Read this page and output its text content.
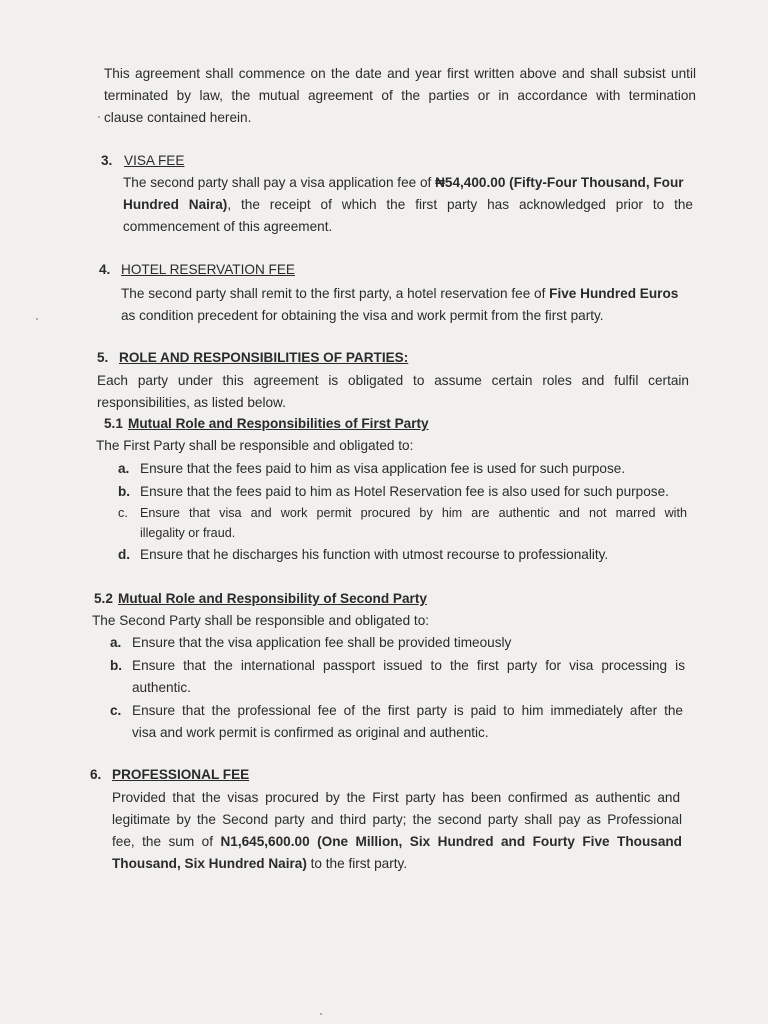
This agreement shall commence on the date and year first written above and shall subsist until
terminated by law, the mutual agreement of the parties or in accordance with termination
clause contained herein.
3. VISA FEE
The second party shall pay a visa application fee of ₦54,400.00 (Fifty-Four Thousand, Four
Hundred Naira), the receipt of which the first party has acknowledged prior to the
commencement of this agreement.
4. HOTEL RESERVATION FEE
The second party shall remit to the first party, a hotel reservation fee of Five Hundred Euros
as condition precedent for obtaining the visa and work permit from the first party.
5. ROLE AND RESPONSIBILITIES OF PARTIES:
Each party under this agreement is obligated to assume certain roles and fulfil certain
responsibilities, as listed below.
5.1 Mutual Role and Responsibilities of First Party
The First Party shall be responsible and obligated to:
a. Ensure that the fees paid to him as visa application fee is used for such purpose.
b. Ensure that the fees paid to him as Hotel Reservation fee is also used for such purpose.
c. Ensure that visa and work permit procured by him are authentic and not marred with
illegality or fraud.
d. Ensure that he discharges his function with utmost recourse to professionality.
5.2 Mutual Role and Responsibility of Second Party
The Second Party shall be responsible and obligated to:
a. Ensure that the visa application fee shall be provided timeously
b. Ensure that the international passport issued to the first party for visa processing is
authentic.
c. Ensure that the professional fee of the first party is paid to him immediately after the
visa and work permit is confirmed as original and authentic.
6. PROFESSIONAL FEE
Provided that the visas procured by the First party has been confirmed as authentic and
legitimate by the Second party and third party; the second party shall pay as Professional
fee, the sum of N1,645,600.00 (One Million, Six Hundred and Fourty Five Thousand
Thousand, Six Hundred Naira) to the first party.
